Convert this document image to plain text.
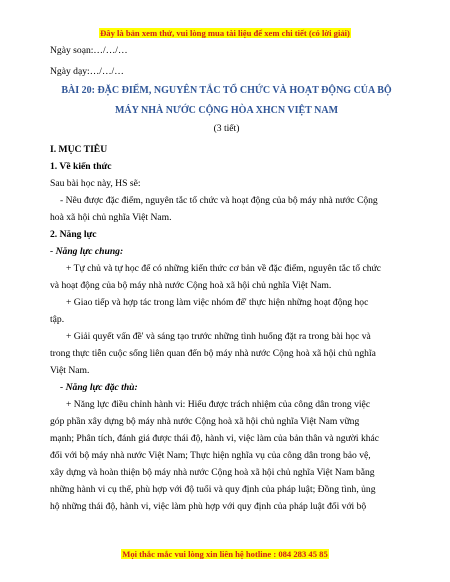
Đây là bản xem thử, vui lòng mua tài liệu để xem chi tiết (có lời giải)
Ngày soạn:…/…/…
Ngày dạy:…/…/…
BÀI 20: ĐẶC ĐIỂM, NGUYÊN TẮC TỔ CHỨC VÀ HOẠT ĐỘNG CỦA BỘ
MÁY NHÀ NƯỚC CỘNG HÒA XHCN VIỆT NAM
(3 tiết)
I. MỤC TIÊU
1. Về kiến thức
Sau bài học này, HS sẽ:
- Nêu được đặc điểm, nguyên tắc tổ chức và hoạt động của bộ máy nhà nước Cộng
hoà xã hội chủ nghĩa Việt Nam.
2. Năng lực
- Năng lực chung:
+ Tự chủ và tự học để có những kiến thức cơ bản về đặc điểm, nguyên tắc tổ chức
và hoạt động của bộ máy nhà nước Cộng hoà xã hội chủ nghĩa Việt Nam.
+ Giao tiếp và hợp tác trong làm việc nhóm để' thực hiện những hoạt động học
tập.
+ Giải quyết vấn đề' và sáng tạo trước những tình huống đặt ra trong bài học và
trong thực tiễn cuộc sống liên quan đến bộ máy nhà nước Cộng hoà xã hội chủ nghĩa
Việt Nam.
- Năng lực đặc thù:
+ Năng lực điều chỉnh hành vi: Hiểu được trách nhiệm của công dân trong việc
góp phần xây dựng bộ máy nhà nước Cộng hoà xã hội chủ nghĩa Việt Nam vững
mạnh; Phân tích, đánh giá được thái độ, hành vi, việc làm của bản thân và người khác
đối với bộ máy nhà nước Việt Nam; Thực hiện nghĩa vụ của công dân trong bảo vệ,
xây dựng và hoàn thiện bộ máy nhà nước Cộng hoà xã hội chủ nghĩa Việt Nam bằng
những hành vi cụ thể, phù hợp với độ tuổi và quy định của pháp luật; Đồng tình, ủng
hộ những thái độ, hành vi, việc làm phù hợp với quy định của pháp luật đối với bộ
Mọi thắc mắc vui lòng xin liên hệ hotline : 084 283 45 85
